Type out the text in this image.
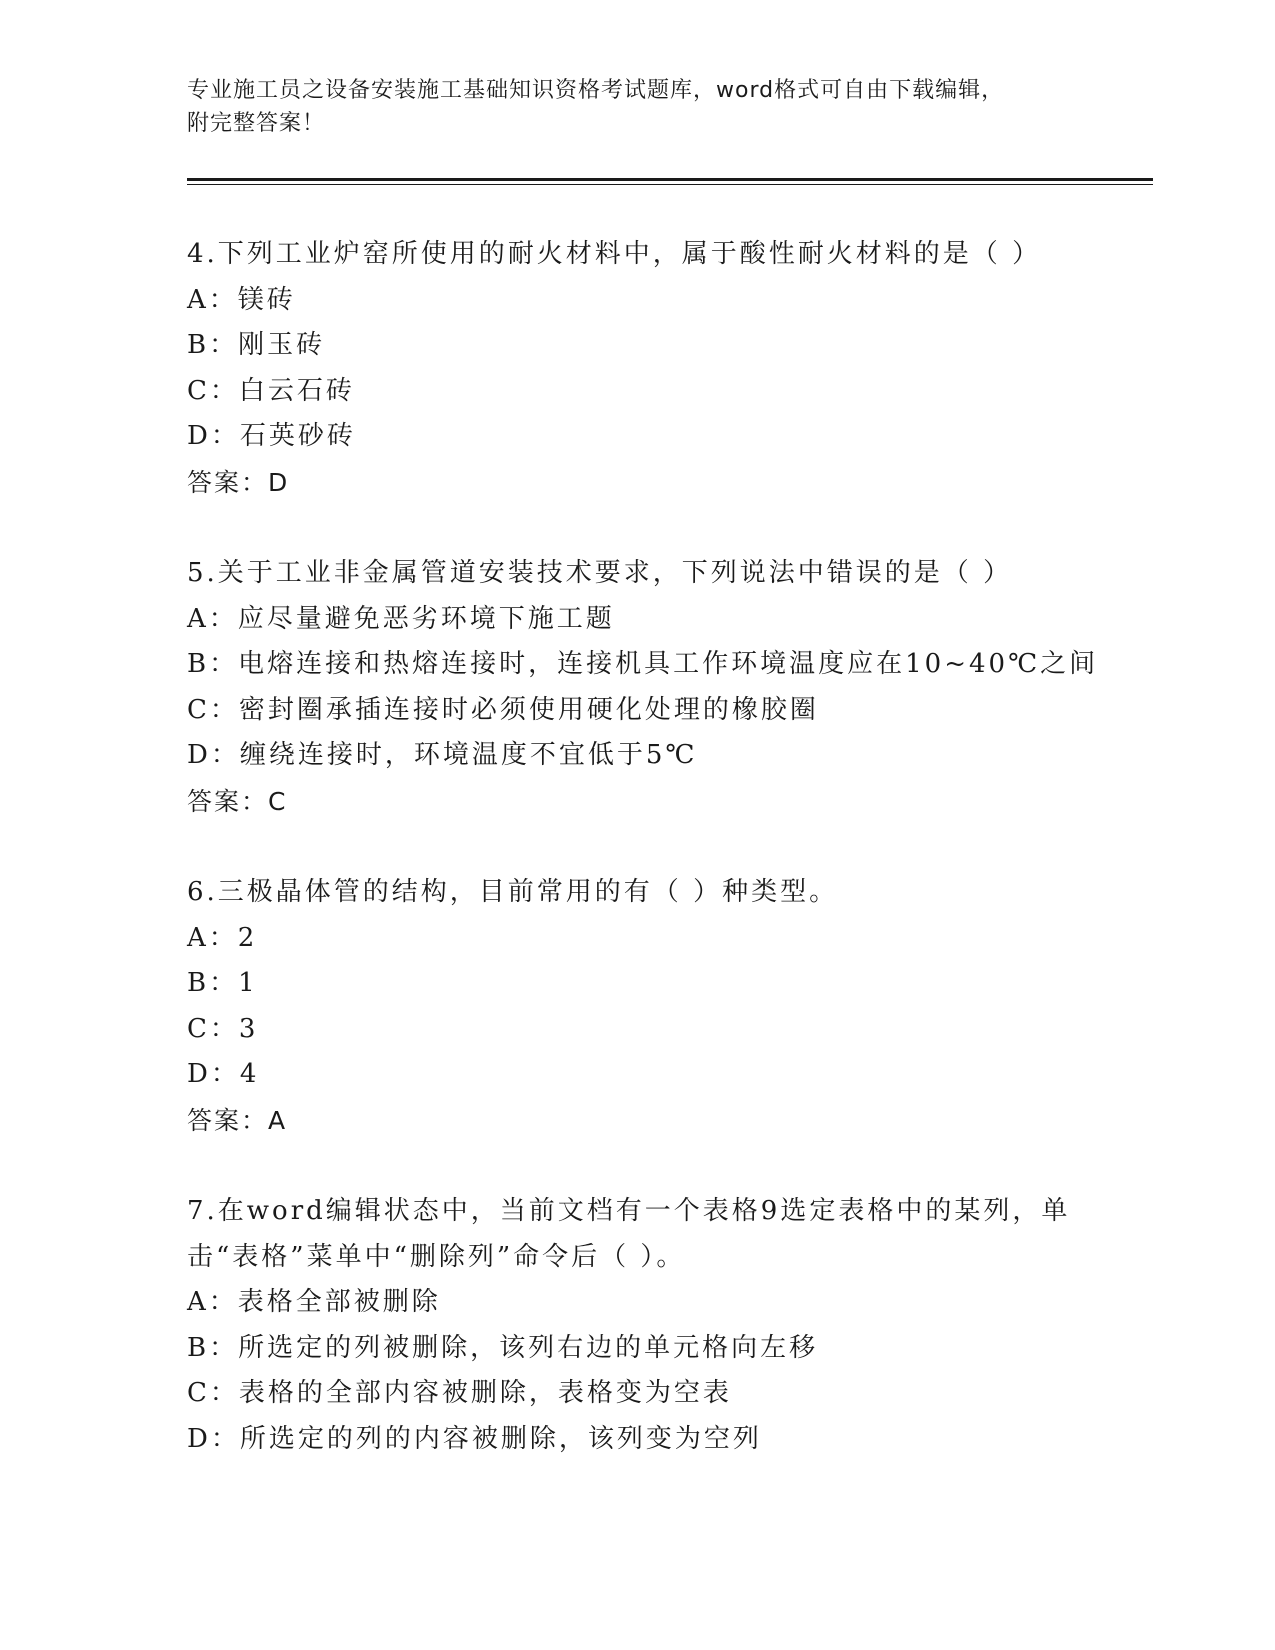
专业施工员之设备安装施工基础知识资格考试题库，word格式可自由下载编辑，
附完整答案！
4.下列工业炉窑所使用的耐火材料中，属于酸性耐火材料的是（ ）
A：镁砖
B：刚玉砖
C：白云石砖
D：石英砂砖
答案：D
5.关于工业非金属管道安装技术要求，下列说法中错误的是（ ）
A：应尽量避免恶劣环境下施工题
B：电熔连接和热熔连接时，连接机具工作环境温度应在10~40℃之间
C：密封圈承插连接时必须使用硬化处理的橡胶圈
D：缠绕连接时，环境温度不宜低于5℃
答案：C
6.三极晶体管的结构，目前常用的有（ ）种类型。
A：2
B：1
C：3
D：4
答案：A
7.在word编辑状态中，当前文档有一个表格9选定表格中的某列，单
击“表格”菜单中“删除列”命令后（ ）。
A：表格全部被删除
B：所选定的列被删除，该列右边的单元格向左移
C：表格的全部内容被删除，表格变为空表
D：所选定的列的内容被删除，该列变为空列
